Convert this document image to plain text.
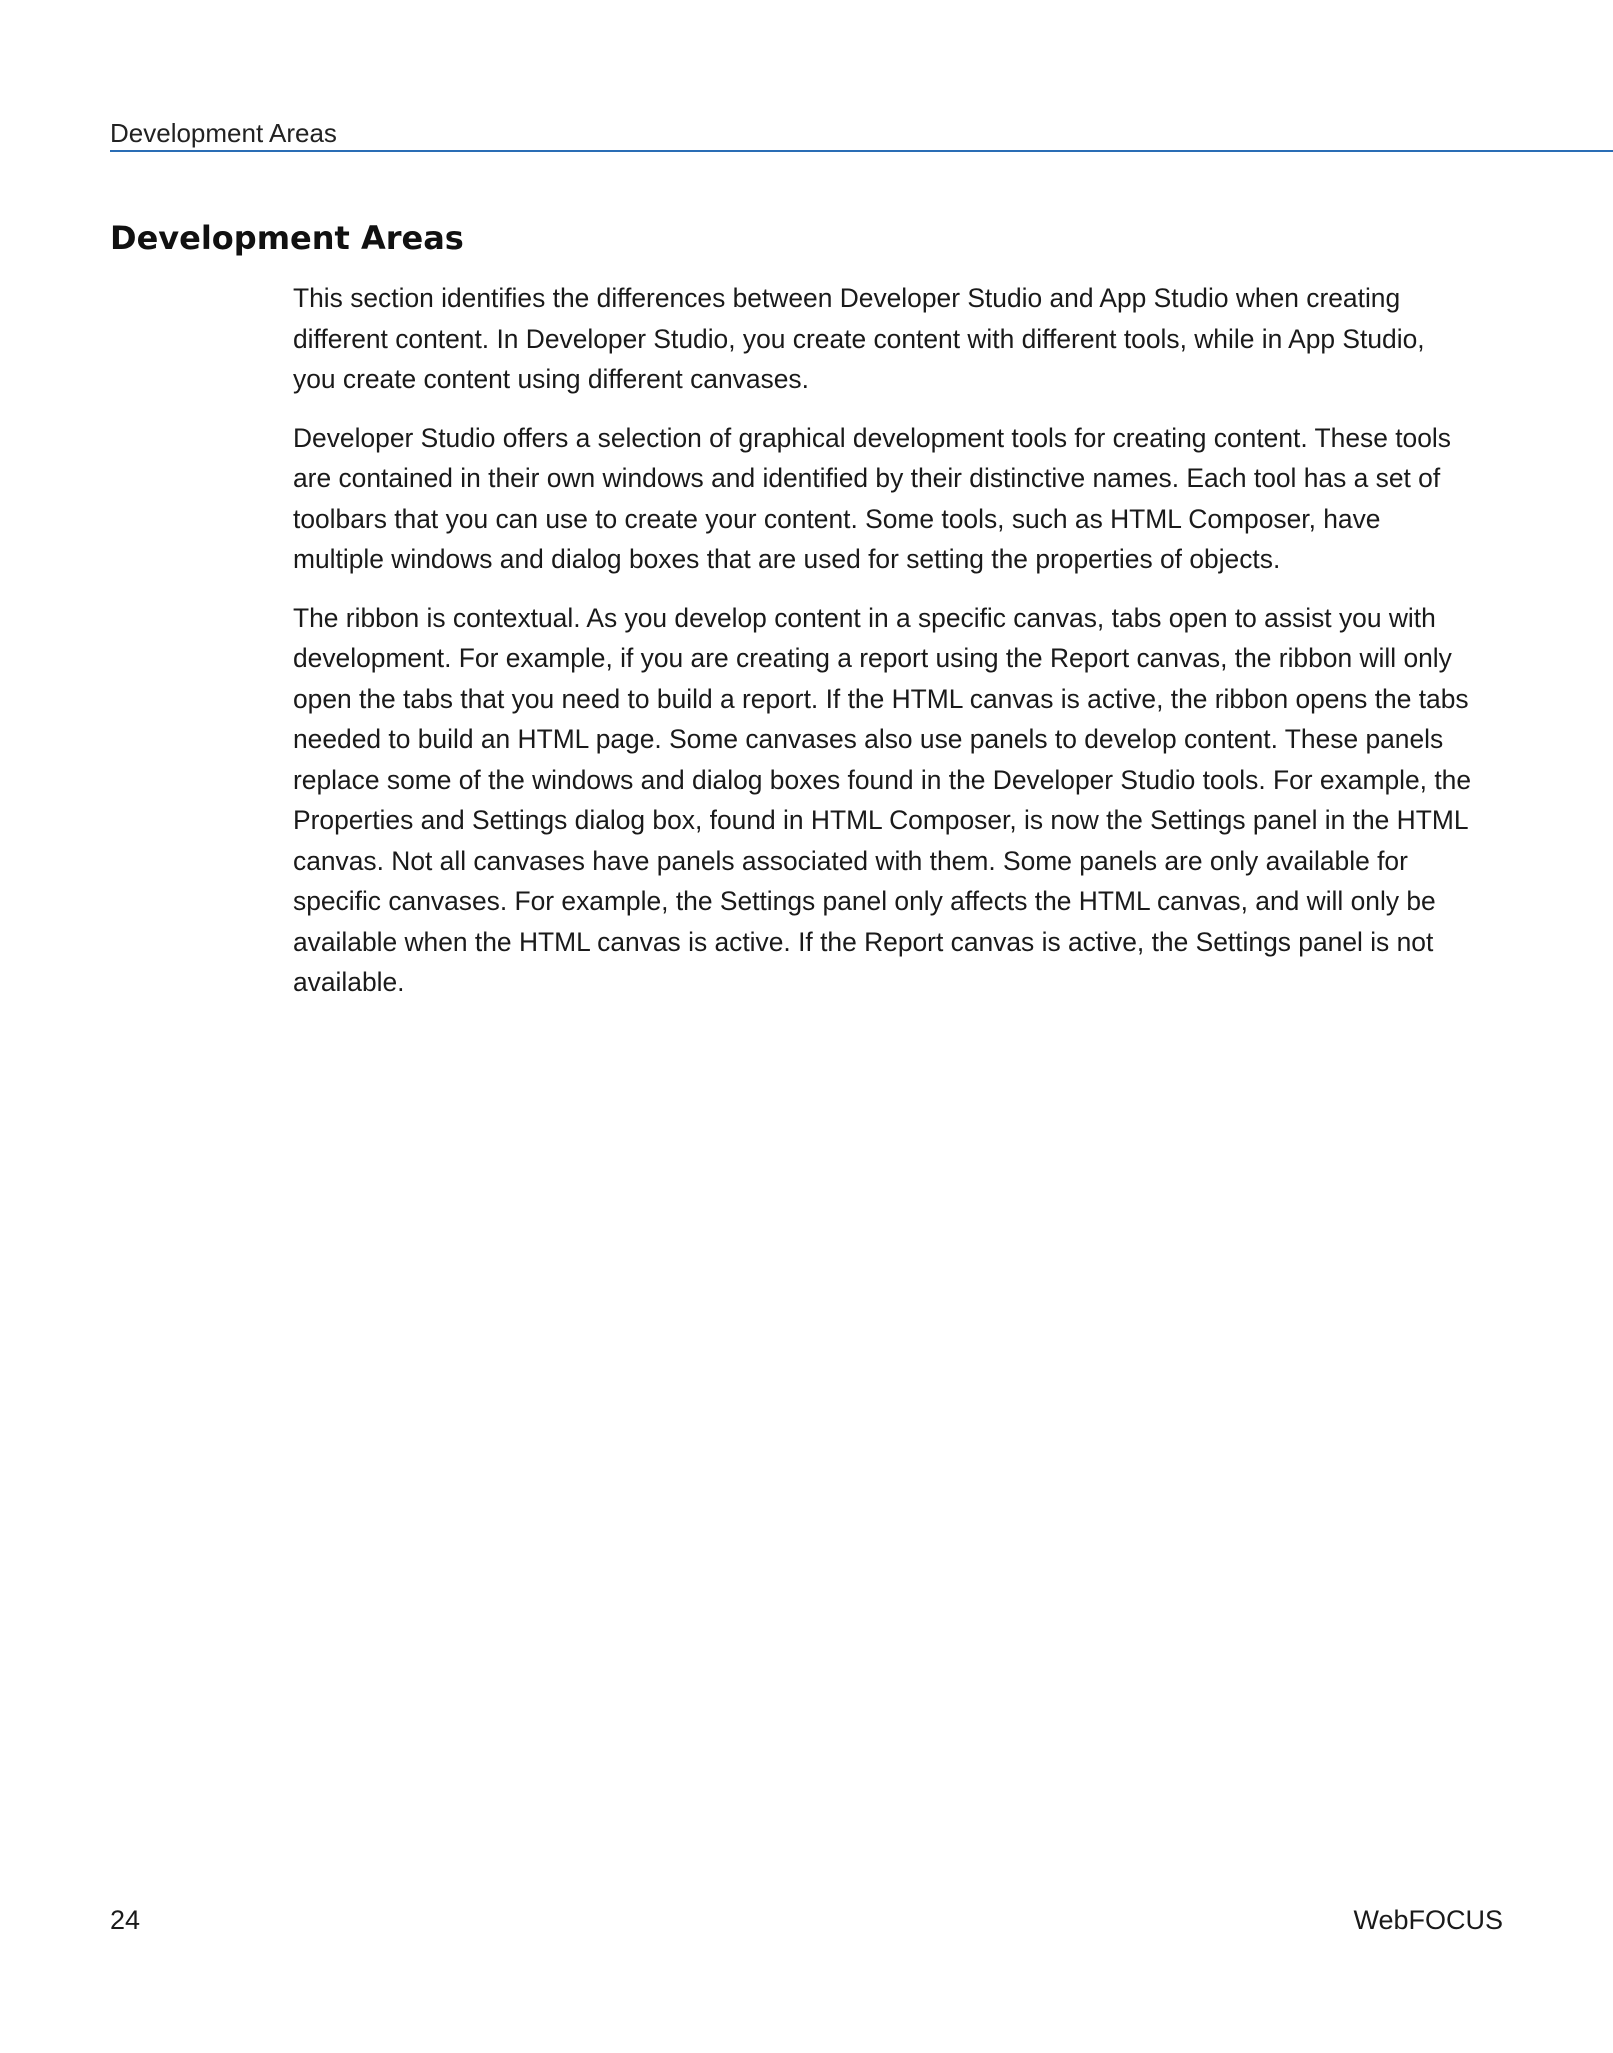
Development Areas
Development Areas

This section identifies the differences between Developer Studio and App Studio when creating different content. In Developer Studio, you create content with different tools, while in App Studio, you create content using different canvases.

Developer Studio offers a selection of graphical development tools for creating content. These tools are contained in their own windows and identified by their distinctive names. Each tool has a set of toolbars that you can use to create your content. Some tools, such as HTML Composer, have multiple windows and dialog boxes that are used for setting the properties of objects.

The ribbon is contextual. As you develop content in a specific canvas, tabs open to assist you with development. For example, if you are creating a report using the Report canvas, the ribbon will only open the tabs that you need to build a report. If the HTML canvas is active, the ribbon opens the tabs needed to build an HTML page. Some canvases also use panels to develop content. These panels replace some of the windows and dialog boxes found in the Developer Studio tools. For example, the Properties and Settings dialog box, found in HTML Composer, is now the Settings panel in the HTML canvas. Not all canvases have panels associated with them. Some panels are only available for specific canvases. For example, the Settings panel only affects the HTML canvas, and will only be available when the HTML canvas is active. If the Report canvas is active, the Settings panel is not available.

24	WebFOCUS
